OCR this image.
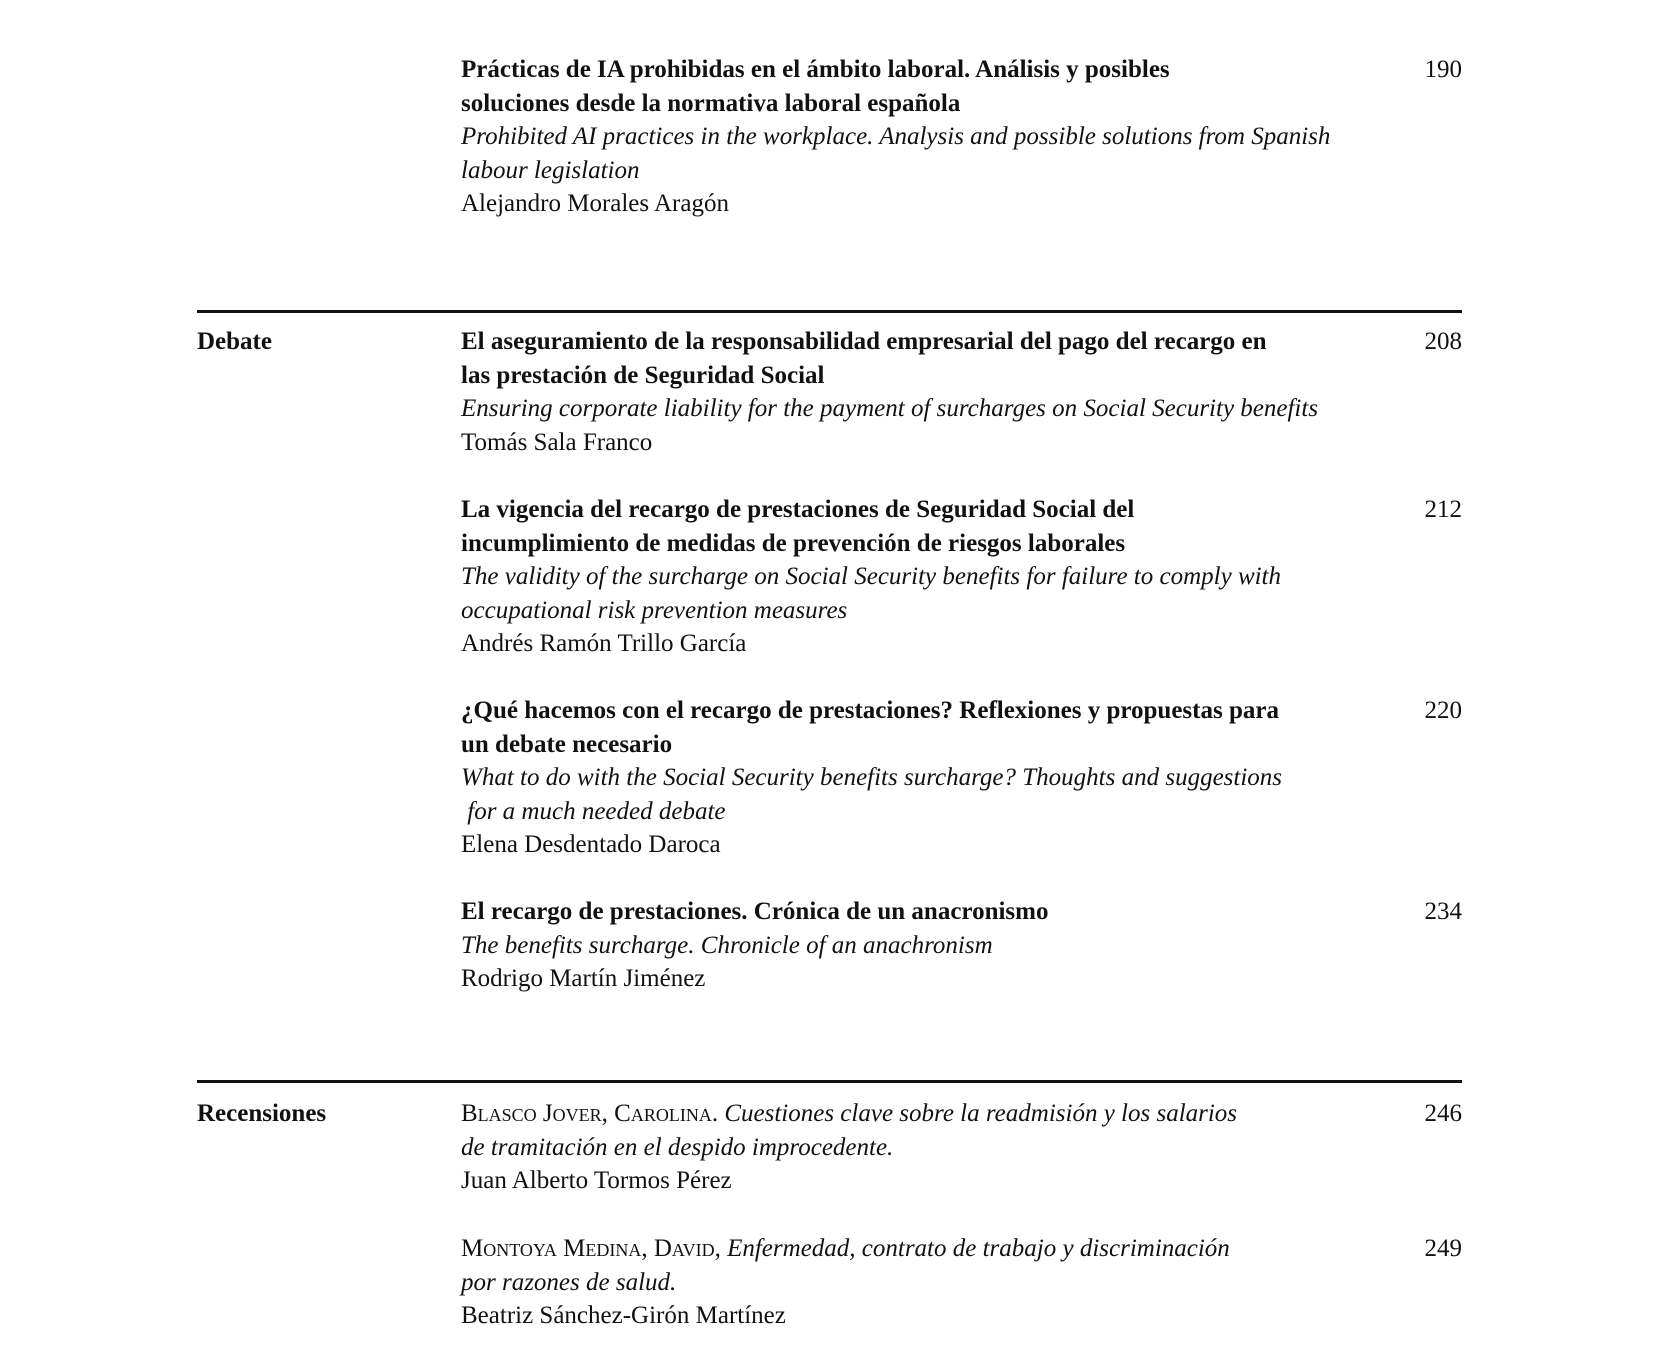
Prácticas de IA prohibidas en el ámbito laboral. Análisis y posibles
soluciones desde la normativa laboral española
Prohibited AI practices in the workplace. Analysis and possible solutions from Spanish
labour legislation
Alejandro Morales Aragón
190
Debate	El aseguramiento de la responsabilidad empresarial del pago del recargo en
las prestación de Seguridad Social
Ensuring corporate liability for the payment of surcharges on Social Security benefits
Tomás Sala Franco
208
La vigencia del recargo de prestaciones de Seguridad Social del
incumplimiento de medidas de prevención de riesgos laborales
The validity of the surcharge on Social Security benefits for failure to comply with
occupational risk prevention measures
Andrés Ramón Trillo García
212
¿Qué hacemos con el recargo de prestaciones? Reflexiones y propuestas para
un debate necesario
What to do with the Social Security benefits surcharge? Thoughts and suggestions
for a much needed debate
Elena Desdentado Daroca
220
El recargo de prestaciones. Crónica de un anacronismo
The benefits surcharge. Chronicle of an anachronism
Rodrigo Martín Jiménez
234
Recensiones	Blasco Jover, Carolina. Cuestiones clave sobre la readmisión y los salarios
de tramitación en el despido improcedente.
Juan Alberto Tormos Pérez
246
Montoya Medina, David, Enfermedad, contrato de trabajo y discriminación
por razones de salud.
Beatriz Sánchez-Girón Martínez
249
